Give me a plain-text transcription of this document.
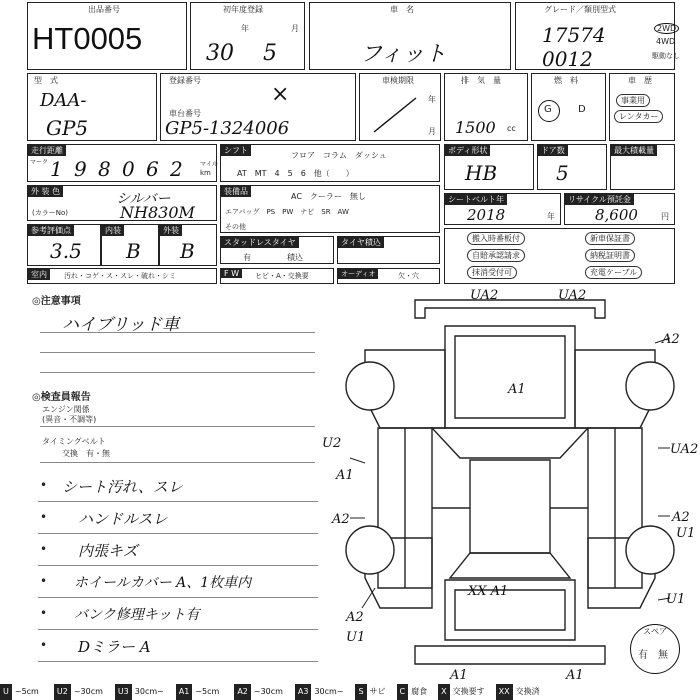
出品番号
HT0005
初年度登録
年	月
30 5
車　名
フィット
グレード／類別型式
17574
0012
2WD
4WD
駆動なし
型　式
DAA-
GP5
登録番号
×
車台番号
GP5-1324006
車検期限
年
月
排　気　量
1500 cc
燃　料
G	D
車　歴
事業用
レンタカー
走行距離
マーク 1 9 8 0 6 2	マイル
km
シフト
フロア　コラム　ダッシュ
AT　MT　4　5　6　他（　　）
ボディ形状
HB
ドア数
5
最大積載量
外 装 色
(カラーNo)
シルバー
NH830M
装備品
AC　クーラー　無し
エアバッグ　PS　PW　ナビ　SR　AW
その他
シートベルト年
2018	年
リサイクル預託金
8,600	円
参考評価点
3.5
内装
B
外装
B	スタッドレスタイヤ
有	積込
タイヤ積込	搬入時番板付
自賠承認請求
抹消受付可
新車保証書
納税証明書
充電ケーブル
室内	汚れ・コゲ・ス・スレ・破れ・シミ	F W	ヒビ・A・交換要	オーディオ	欠・穴
◎注意事項
ハイブリッド車
◎検査員報告
エンジン関係
(異音・不調等)
タイミングベルト
交換　有・無
シート汚れ、スレ
•
ハンドルスレ
•
内張キズ
•
ホイールカバー A、1枚車内
•
バンク修理キット有
•
Dミラー A
•
UA2	UA2
A2
A1
U2
A1
A2
UA2
A2
U1
XX A1
U1
A2
U1
A1	A1
スペア
有　無
U ~5cm	U2 ~30cm	U3 30cm~	A1 ~5cm	A2 ~30cm	A3 30cm~	S サビ	C 腐食	X 交換要す	XX 交換済
